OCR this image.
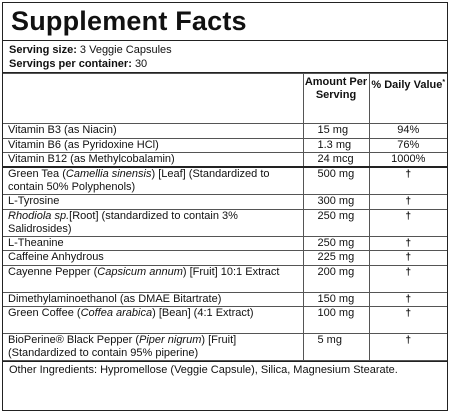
Supplement Facts
Serving size: 3 Veggie Capsules
Servings per container: 30
	Amount Per Serving	% Daily Value*
Vitamin B3 (as Niacin)	15 mg	94%
Vitamin B6 (as Pyridoxine HCl)	1.3 mg	76%
Vitamin B12 (as Methylcobalamin)	24 mcg	1000%
Green Tea (Camellia sinensis) [Leaf] (Standardized to contain 50% Polyphenols)	500 mg	†
L-Tyrosine	300 mg	†
Rhodiola sp.[Root] (standardized to contain 3% Salidrosides)	250 mg	†
L-Theanine	250 mg	†
Caffeine Anhydrous	225 mg	†
Cayenne Pepper (Capsicum annum) [Fruit] 10:1 Extract	200 mg	†
Dimethylaminoethanol (as DMAE Bitartrate)	150 mg	†
Green Coffee (Coffea arabica) [Bean] (4:1 Extract)	100 mg	†
BioPerine® Black Pepper (Piper nigrum) [Fruit] (Standardized to contain 95% piperine)	5 mg	†
Other Ingredients: Hypromellose (Veggie Capsule), Silica, Magnesium Stearate.
